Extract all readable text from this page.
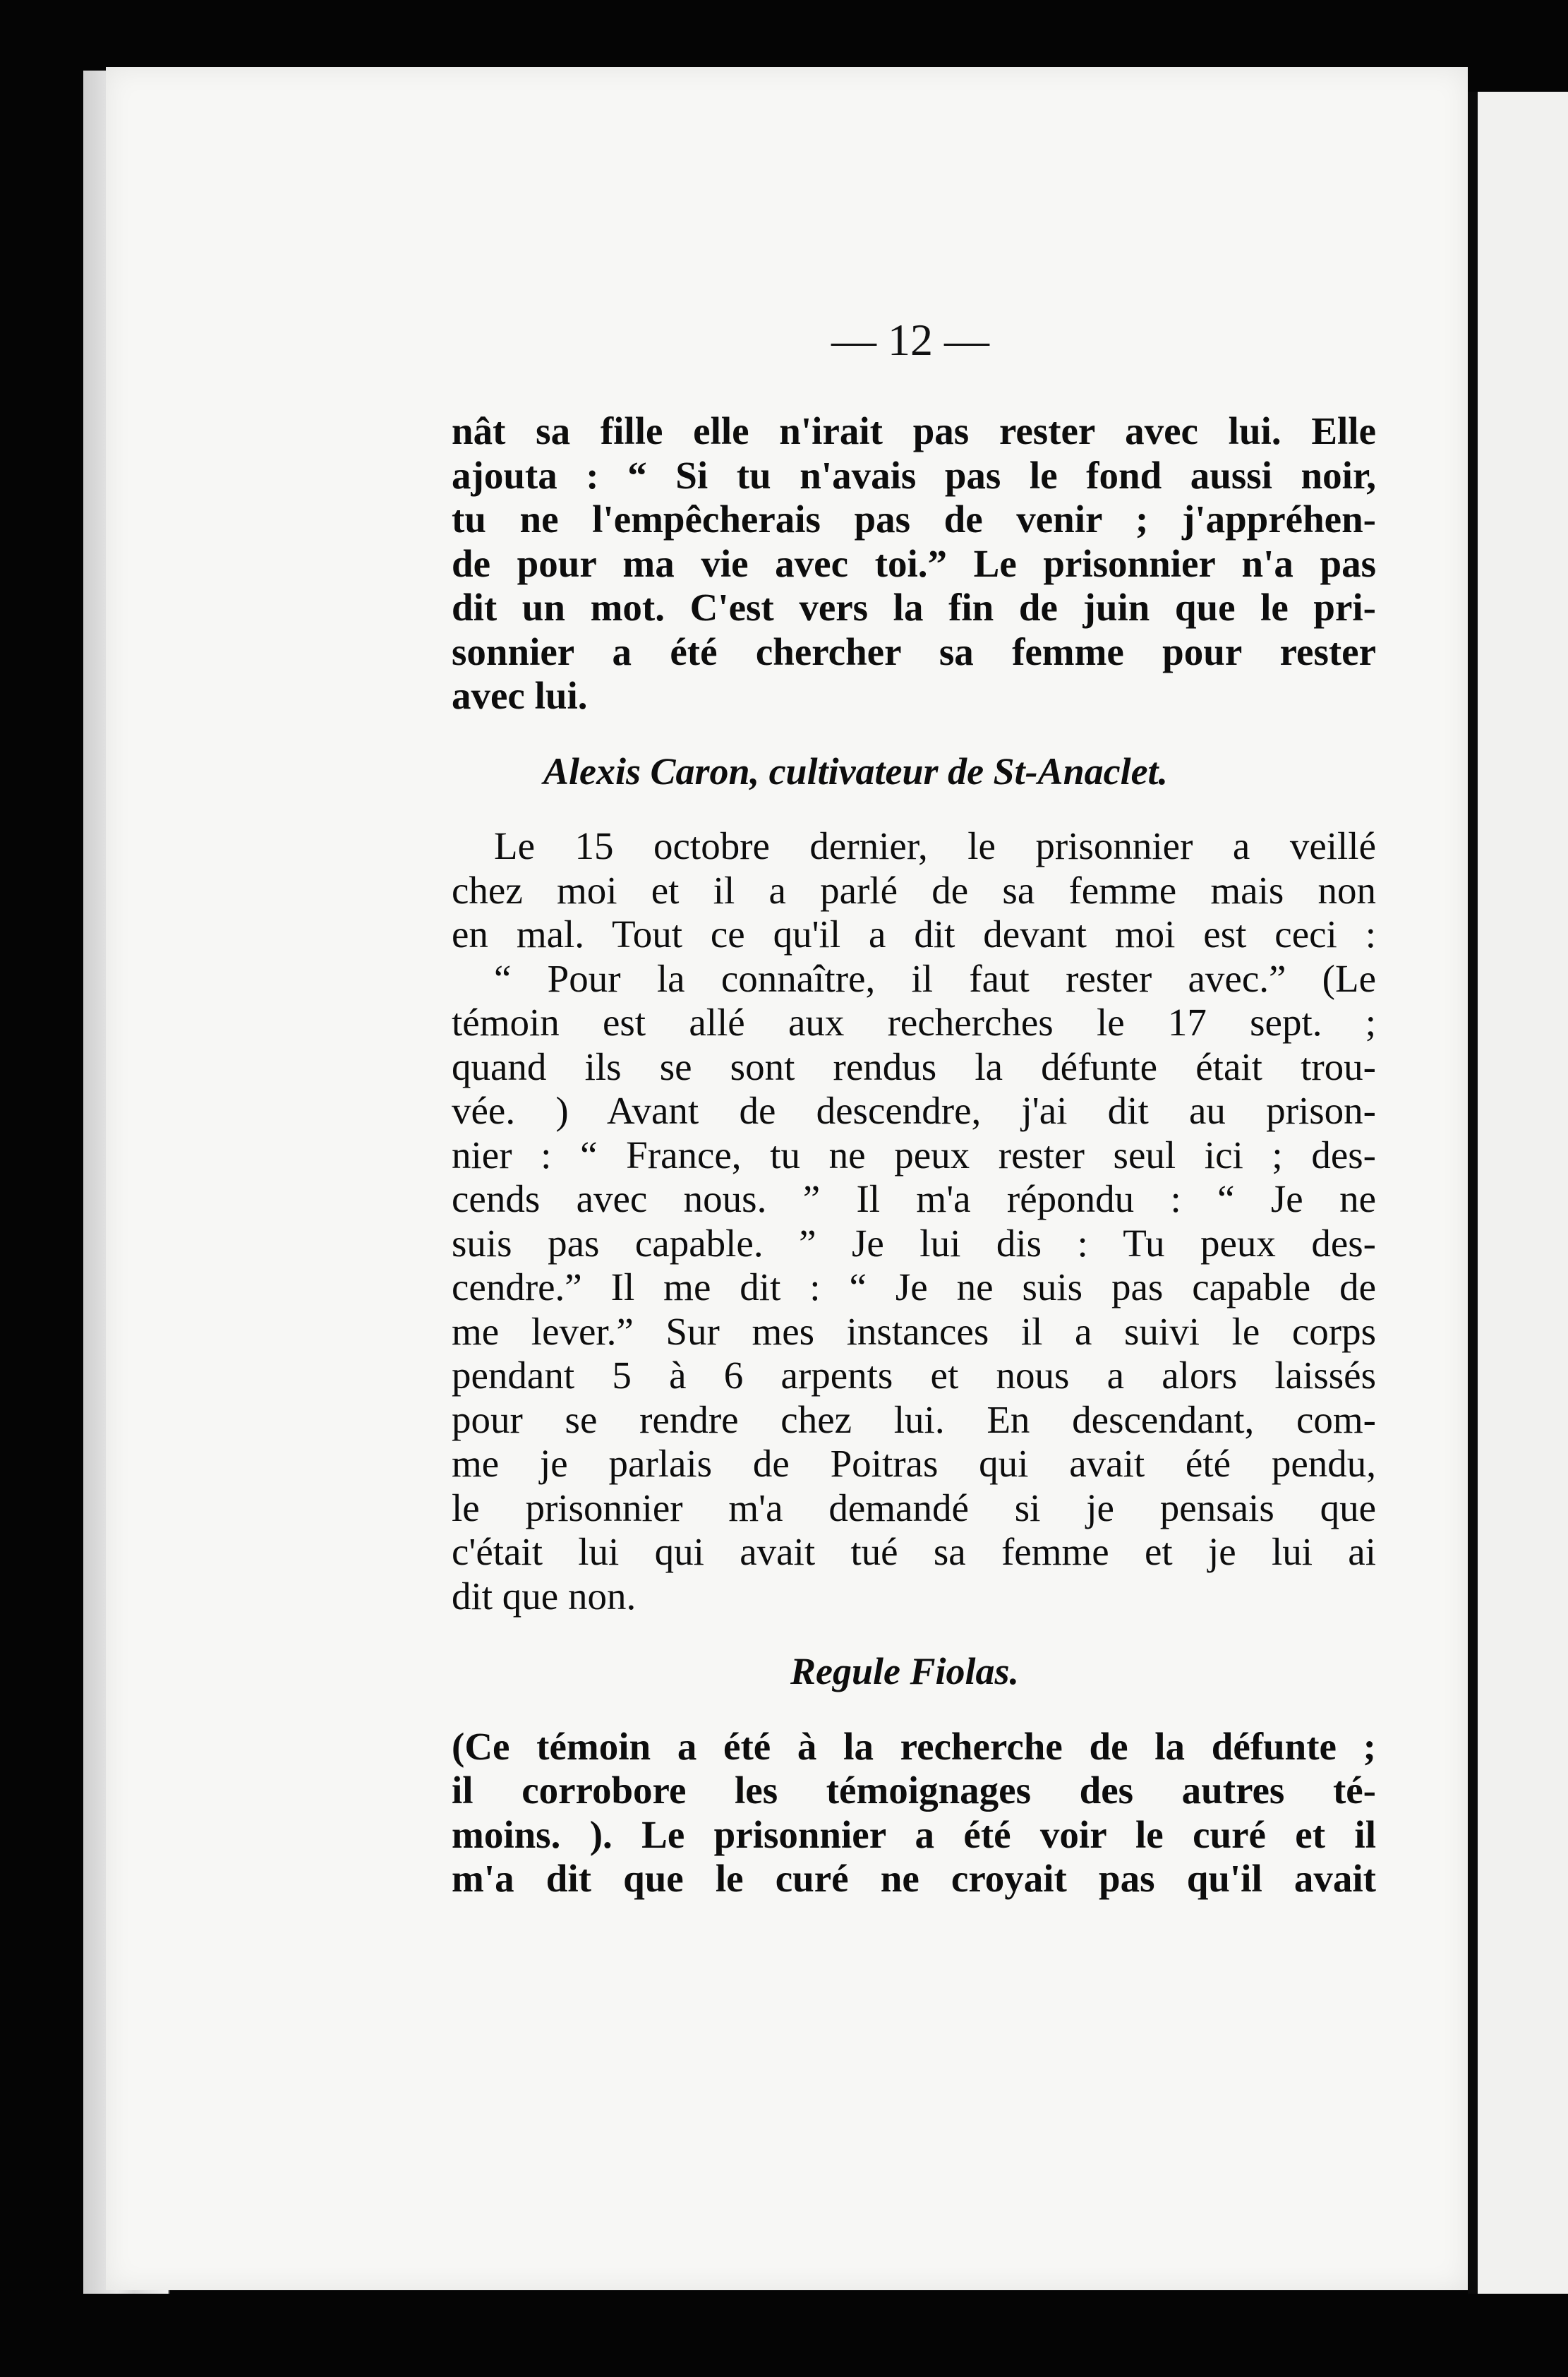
— 12 —
nât sa fille elle n'irait pas rester avec lui. Elle
ajouta : “ Si tu n'avais pas le fond aussi noir,
tu ne l'empêcherais pas de venir ; j'appréhen-
de pour ma vie avec toi.” Le prisonnier n'a pas
dit un mot. C'est vers la fin de juin que le pri-
sonnier a été chercher sa femme pour rester
avec lui.
Alexis Caron, cultivateur de St-Anaclet.
Le 15 octobre dernier, le prisonnier a veillé
chez moi et il a parlé de sa femme mais non
en mal. Tout ce qu'il a dit devant moi est ceci :
“ Pour la connaître, il faut rester avec.” (Le
témoin est allé aux recherches le 17 sept. ;
quand ils se sont rendus la défunte était trou-
vée. ) Avant de descendre, j'ai dit au prison-
nier : “ France, tu ne peux rester seul ici ; des-
cends avec nous. ” Il m'a répondu : “ Je ne
suis pas capable. ” Je lui dis : Tu peux des-
cendre.” Il me dit : “ Je ne suis pas capable de
me lever.” Sur mes instances il a suivi le corps
pendant 5 à 6 arpents et nous a alors laissés
pour se rendre chez lui. En descendant, com-
me je parlais de Poitras qui avait été pendu,
le prisonnier m'a demandé si je pensais que
c'était lui qui avait tué sa femme et je lui ai
dit que non.
Regule Fiolas.
(Ce témoin a été à la recherche de la défunte ;
il corrobore les témoignages des autres té-
moins. ). Le prisonnier a été voir le curé et il
m'a dit que le curé ne croyait pas qu'il avait
